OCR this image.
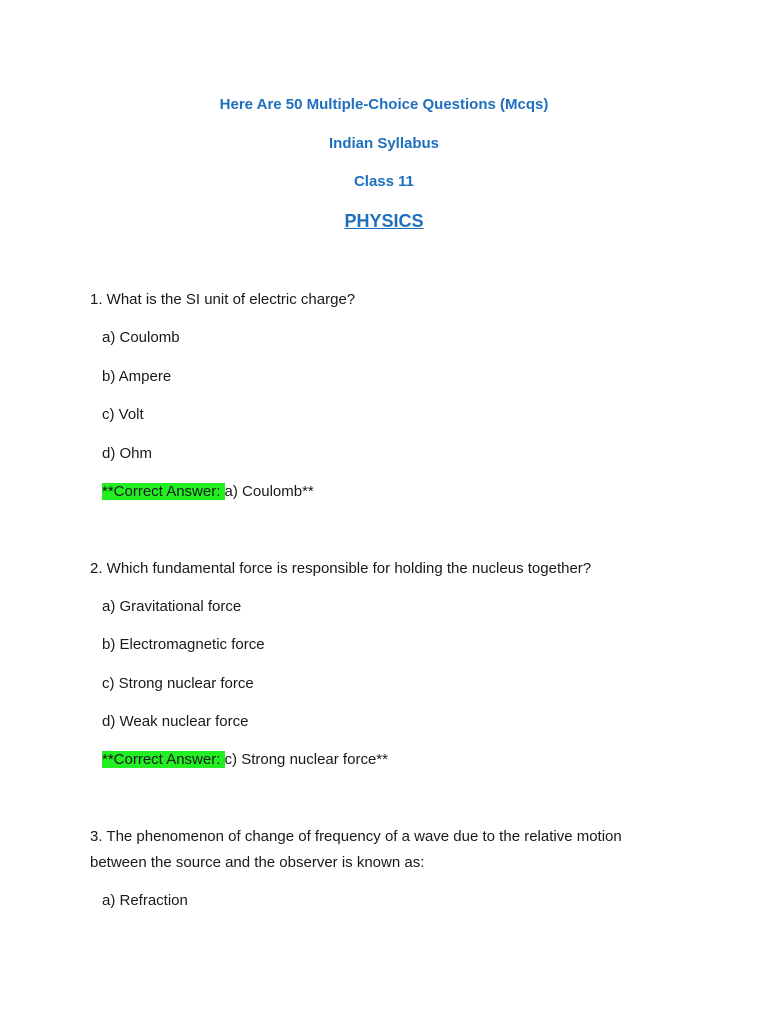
Here Are 50 Multiple-Choice Questions (Mcqs)
Indian Syllabus
Class 11
PHYSICS
1. What is the SI unit of electric charge?
a) Coulomb
b) Ampere
c) Volt
d) Ohm
**Correct Answer: a) Coulomb**
2. Which fundamental force is responsible for holding the nucleus together?
a) Gravitational force
b) Electromagnetic force
c) Strong nuclear force
d) Weak nuclear force
**Correct Answer: c) Strong nuclear force**
3. The phenomenon of change of frequency of a wave due to the relative motion
between the source and the observer is known as:
a) Refraction
